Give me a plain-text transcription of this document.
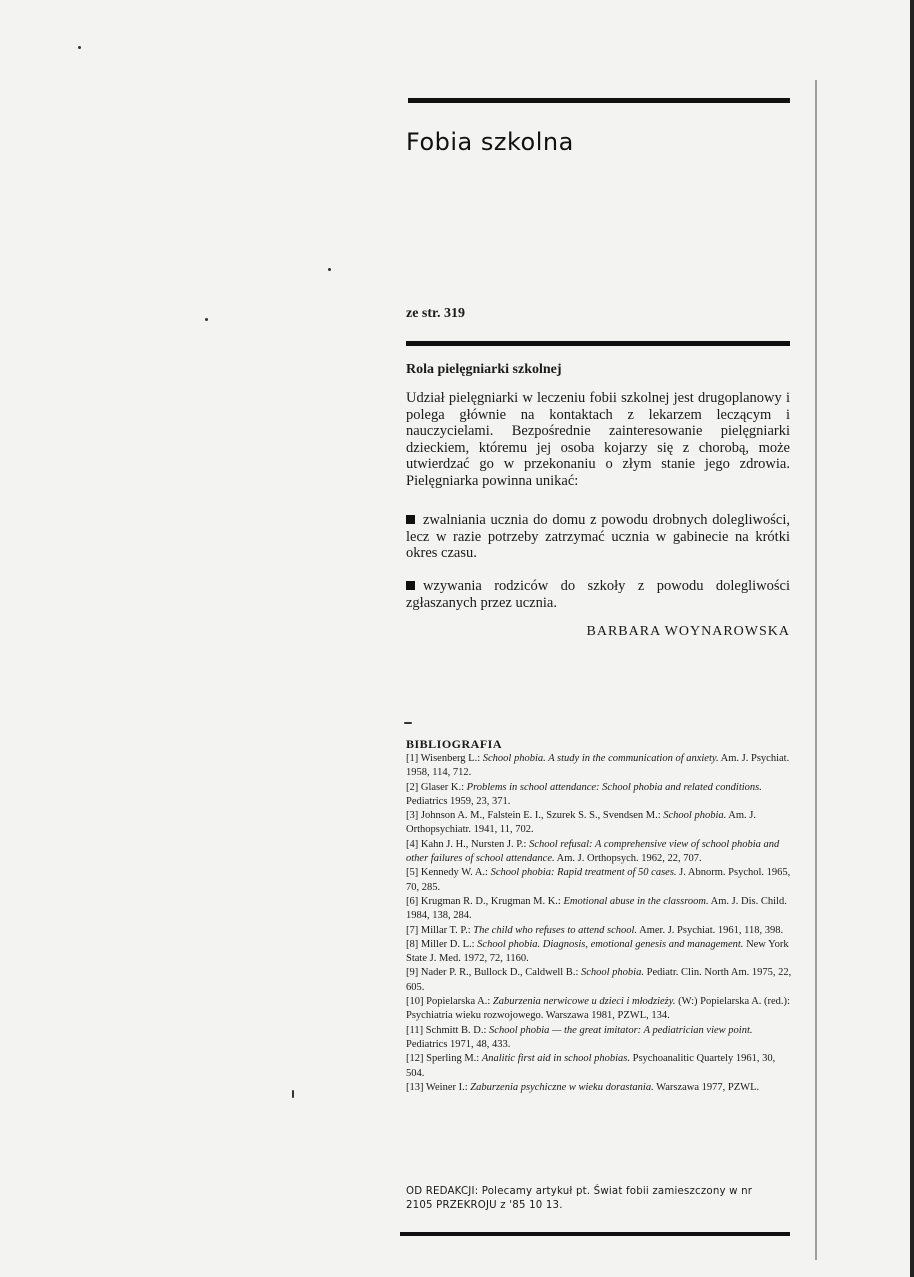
Fobia szkolna
ze str. 319
Rola pielęgniarki szkolnej

Udział pielęgniarki w leczeniu fobii szkolnej jest drugoplanowy i polega głównie na kontaktach z lekarzem leczącym i nauczycielami. Bezpośrednie zainteresowanie pielęgniarki dzieckiem, któremu jej osoba kojarzy się z chorobą, może utwierdzać go w przekonaniu o złym stanie jego zdrowia. Pielęgniarka powinna unikać:

zwalniania ucznia do domu z powodu drobnych dolegliwości, lecz w razie potrzeby zatrzymać ucznia w gabinecie na krótki okres czasu.

wzywania rodziców do szkoły z powodu dolegliwości zgłaszanych przez ucznia.

BARBARA WOYNAROWSKA
BIBLIOGRAFIA
[1] Wisenberg L.: School phobia. A study in the communication of anxiety. Am. J. Psychiat. 1958, 114, 712.
[2] Glaser K.: Problems in school attendance: School phobia and related conditions. Pediatrics 1959, 23, 371.
[3] Johnson A. M., Falstein E. I., Szurek S. S., Svendsen M.: School phobia. Am. J. Orthopsychiatr. 1941, 11, 702.
[4] Kahn J. H., Nursten J. P.: School refusal: A comprehensive view of school phobia and other failures of school attendance. Am. J. Orthopsych. 1962, 22, 707.
[5] Kennedy W. A.: School phobia: Rapid treatment of 50 cases. J. Abnorm. Psychol. 1965, 70, 285.
[6] Krugman R. D., Krugman M. K.: Emotional abuse in the classroom. Am. J. Dis. Child. 1984, 138, 284.
[7] Millar T. P.: The child who refuses to attend school. Amer. J. Psychiat. 1961, 118, 398.
[8] Miller D. L.: School phobia. Diagnosis, emotional genesis and management. New York State J. Med. 1972, 72, 1160.
[9] Nader P. R., Bullock D., Caldwell B.: School phobia. Pediatr. Clin. North Am. 1975, 22, 605.
[10] Popielarska A.: Zaburzenia nerwicowe u dzieci i młodzieży. (W:) Popielarska A. (red.): Psychiatria wieku rozwojowego. Warszawa 1981, PZWL, 134.
[11] Schmitt B. D.: School phobia — the great imitator: A pediatrician view point. Pediatrics 1971, 48, 433.
[12] Sperling M.: Analitic first aid in school phobias. Psychoanalitic Quartely 1961, 30, 504.
[13] Weiner I.: Zaburzenia psychiczne w wieku dorastania. Warszawa 1977, PZWL.
OD REDAKCJI: Polecamy artykuł pt. Świat fobii zamieszczony w nr
2105 PRZEKROJU z '85 10 13.
